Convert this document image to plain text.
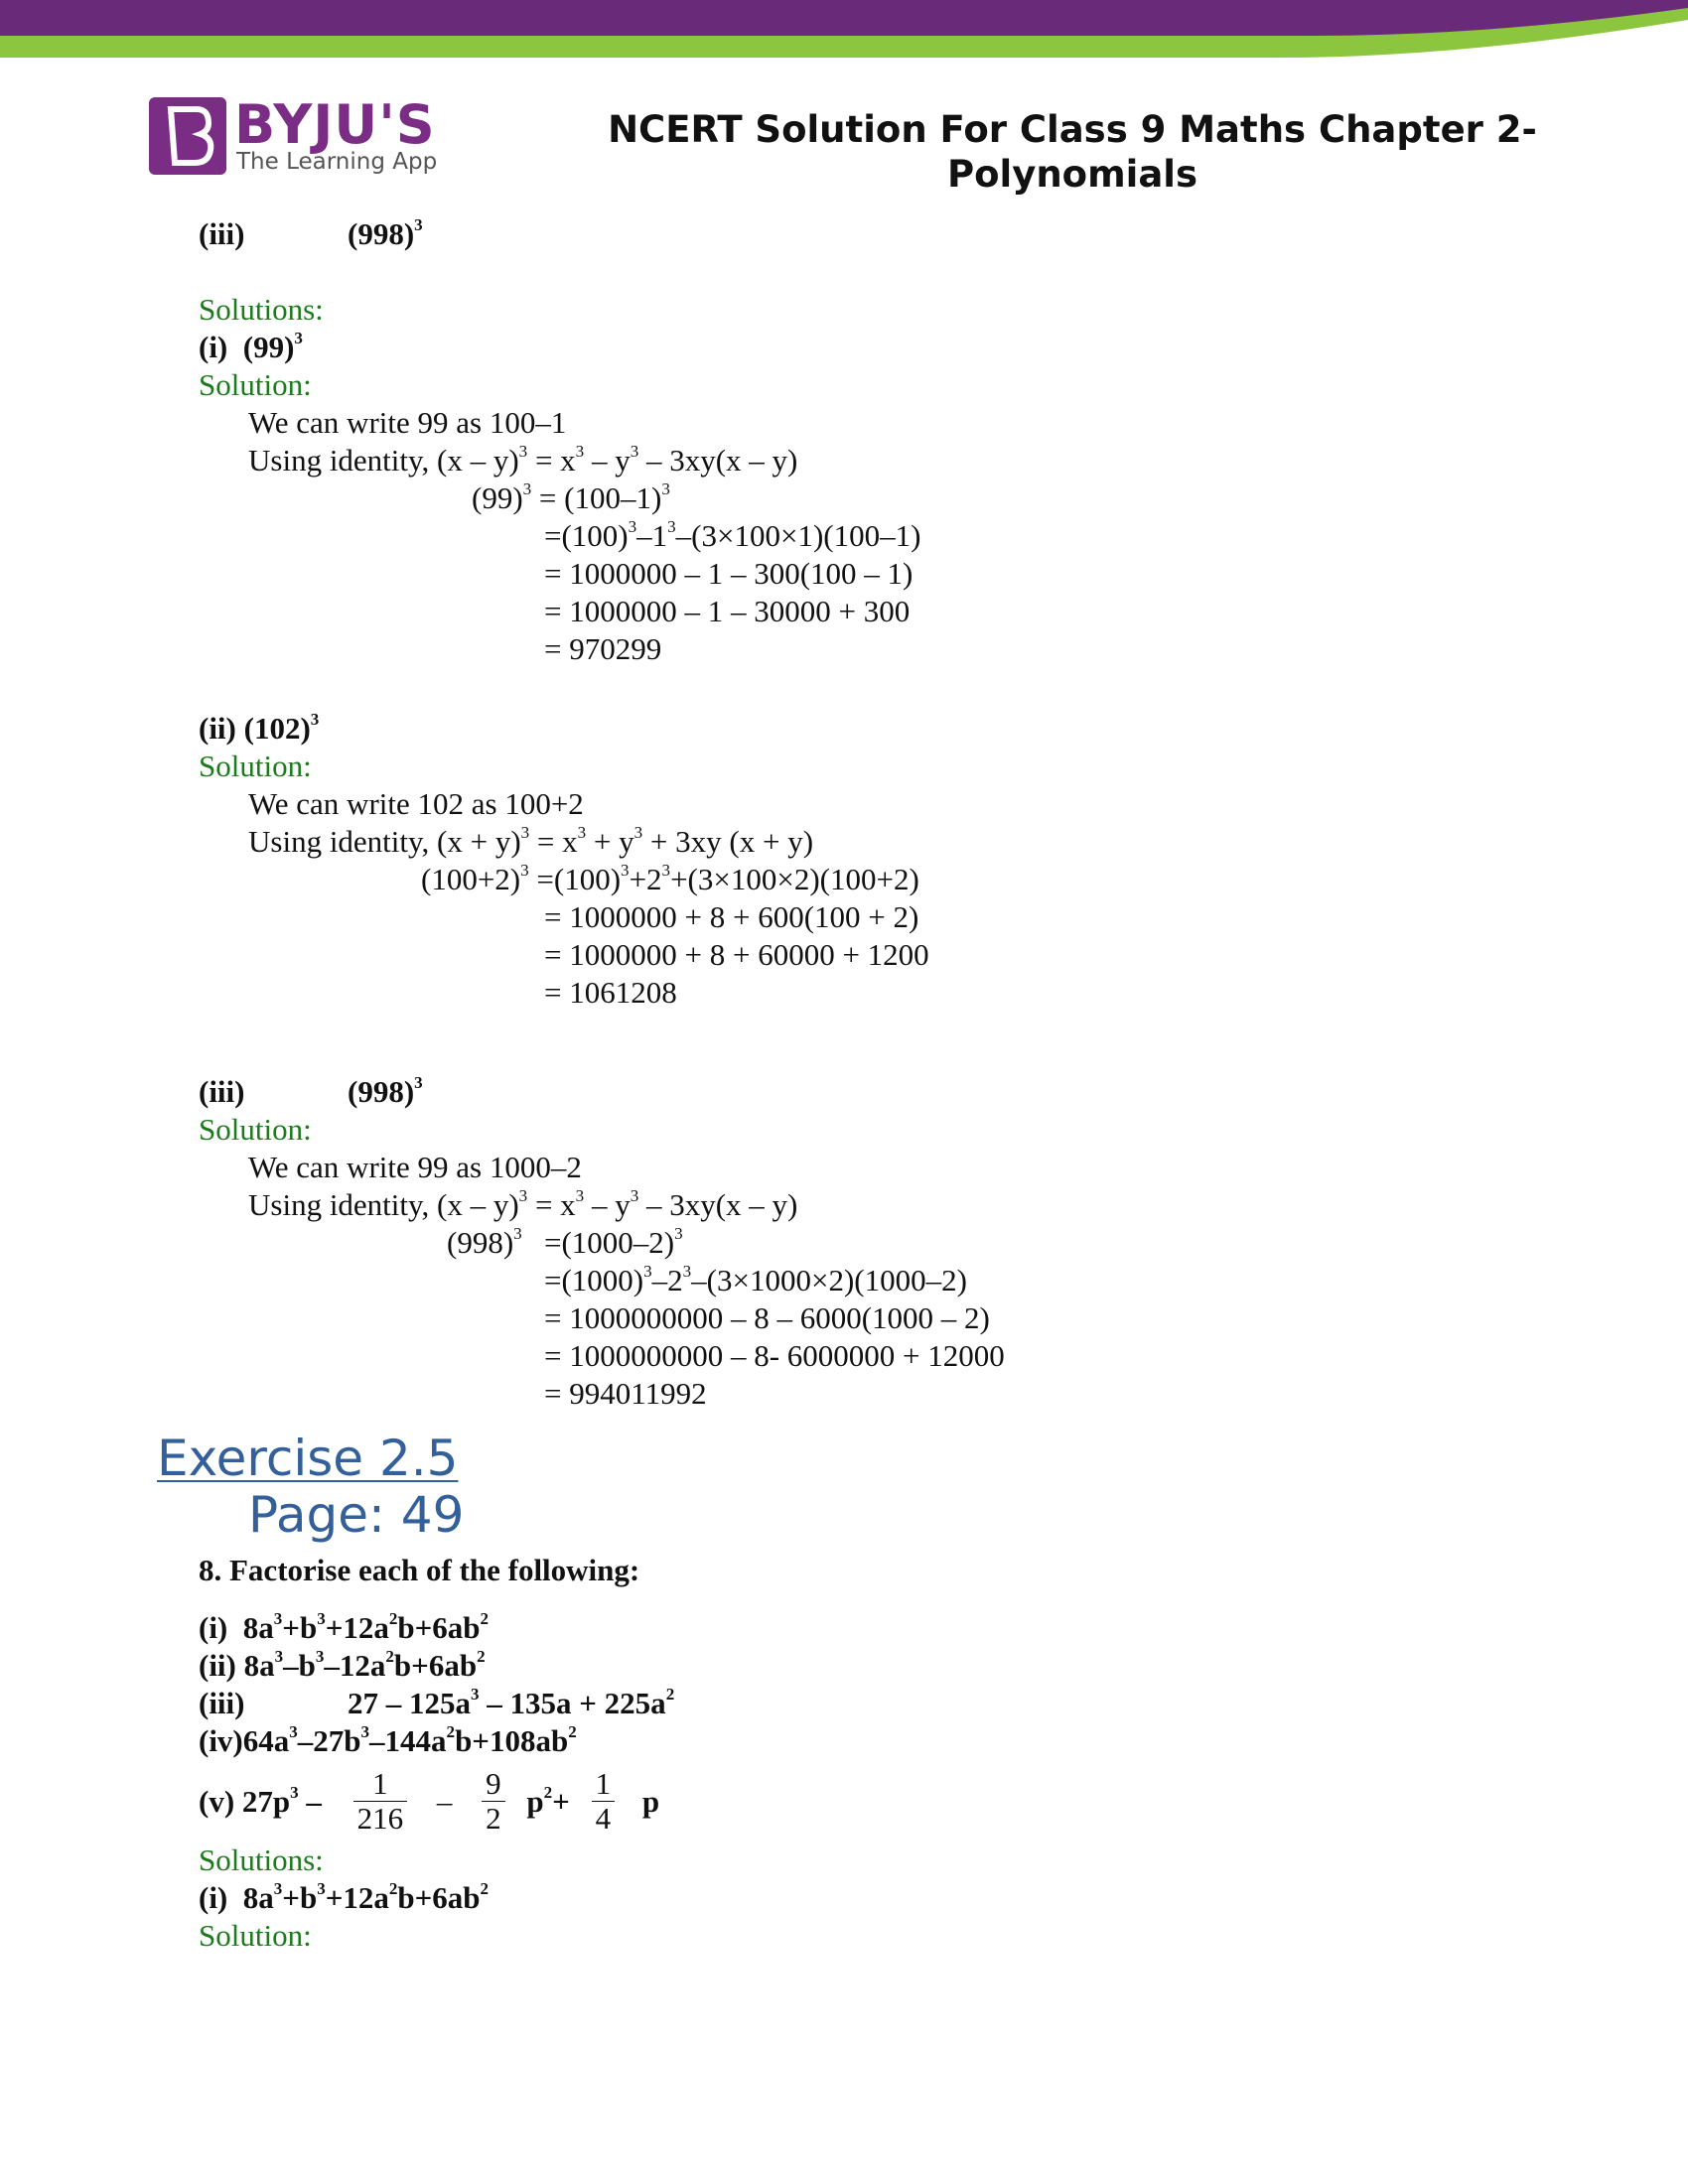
BYJU'S
The Learning App
NCERT Solution For Class 9 Maths Chapter 2- Polynomials
(iii)	$(998)^3$
Solutions:
(i)  $(99)^3$
Solution:
We can write 99 as 100–1
Using identity, $(x - y)^3 = x^3 - y^3 - 3xy(x - y)$
$(99)^3 = (100-1)^3$
$=(100)^3-1^3-(3\times 100\times 1)(100-1)$
= 1000000 – 1 – 300(100 – 1)
= 1000000 – 1 – 30000 + 300
= 970299
(ii) $(102)^3$
Solution:
We can write 102 as 100+2
Using identity, $(x + y)^3 = x^3 + y^3 + 3xy$ (x + y)
$(100+2)^3 =(100)^3+2^3+(3\times 100\times 2)(100+2)$
= 1000000 + 8 + 600(100 + 2)
= 1000000 + 8 + 60000 + 1200
= 1061208
(iii)	$(998)^3$
Solution:
We can write 99 as 1000–2
Using identity, $(x - y)^3 = x^3 - y^3 - 3xy(x - y)$
$(998)^3 =(1000-2)^3$
$=(1000)^3-2^3-(3\times 1000\times 2)(1000-2)$
= 1000000000 – 8 – 6000(1000 – 2)
= 1000000000 – 8- 6000000 + 12000
= 994011992
Exercise 2.5
Page: 49
8. Factorise each of the following:
(i)  $8a^3+b^3+12a^2b+6ab^2$
(ii) $8a^3-b^3-12a^2b+6ab^2$
(iii)	$27 - 125a^3 - 135a + 225a^2$
$(iv)64a^3-27b^3-144a^2b+108ab^2$
(v) $27p^3 - \frac{1}{216} - \frac{9}{2} p^2+ \frac{1}{4}$ p
Solutions:
(i)  $8a^3+b^3+12a^2b+6ab^2$
Solution:
